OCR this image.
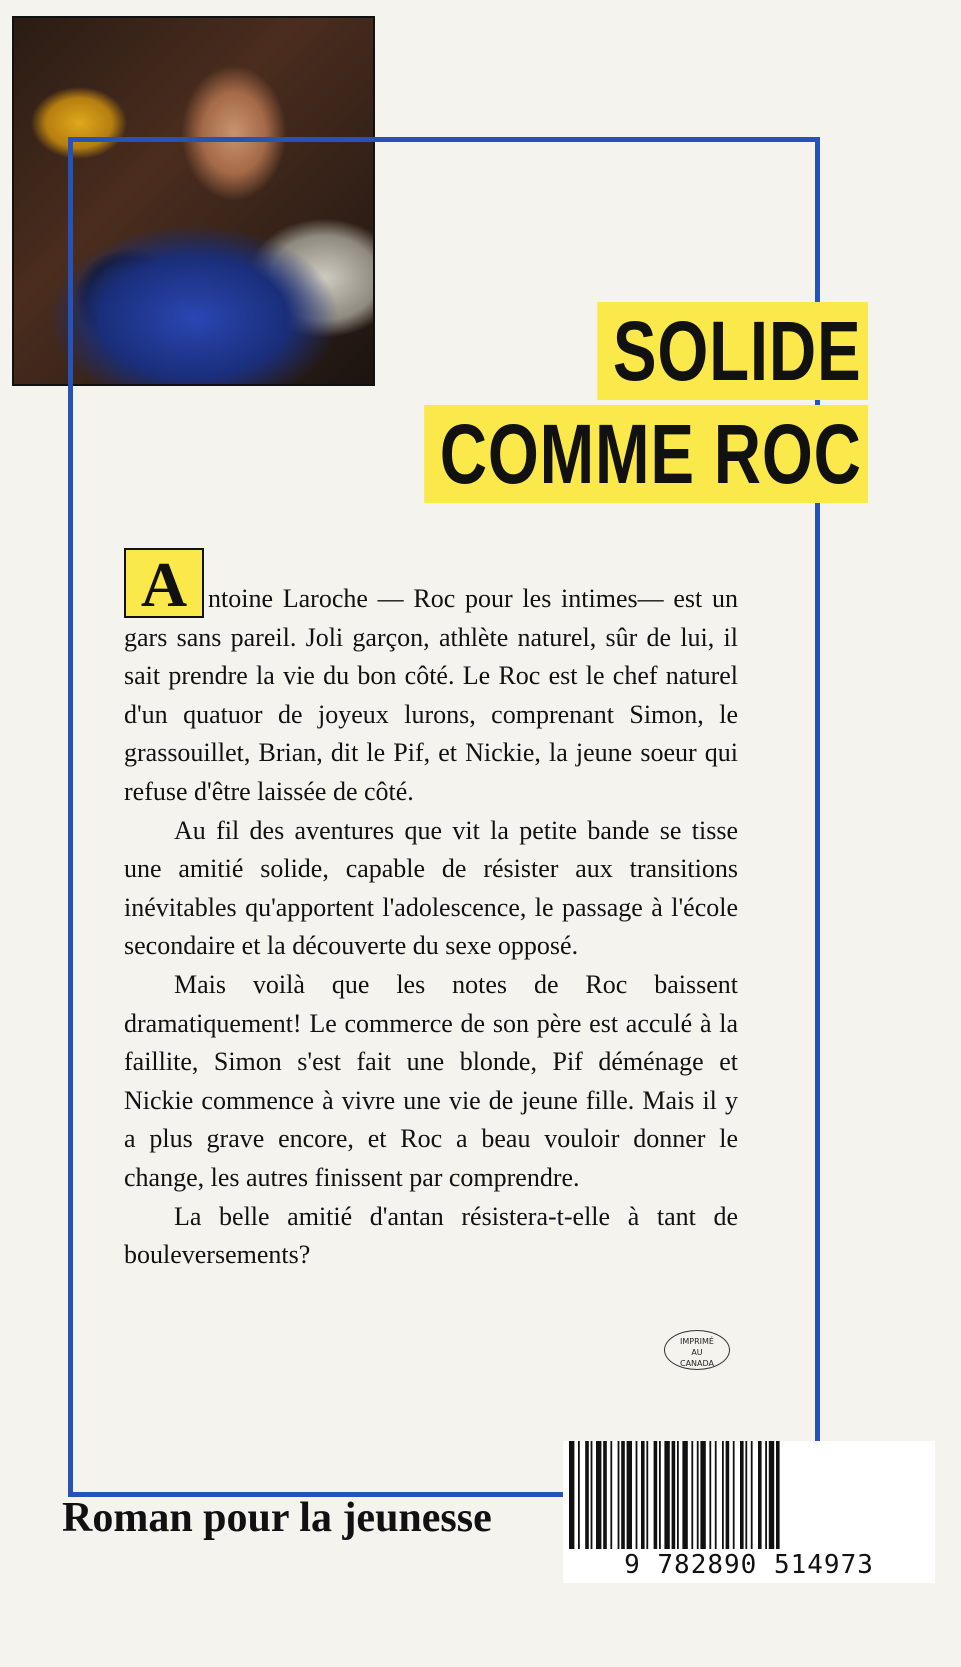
SOLIDE
COMME ROC
A ntoine Laroche — Roc pour les intimes— est un gars sans pareil. Joli garçon, athlète naturel, sûr de lui, il sait prendre la vie du bon côté. Le Roc est le chef naturel d'un quatuor de joyeux lurons, comprenant Simon, le grassouillet, Brian, dit le Pif, et Nickie, la jeune soeur qui refuse d'être laissée de côté.

Au fil des aventures que vit la petite bande se tisse une amitié solide, capable de résister aux transitions inévitables qu'apportent l'adolescence, le passage à l'école secondaire et la découverte du sexe opposé.

Mais voilà que les notes de Roc baissent dramatiquement! Le commerce de son père est acculé à la faillite, Simon s'est fait une blonde, Pif déménage et Nickie commence à vivre une vie de jeune fille. Mais il y a plus grave encore, et Roc a beau vouloir donner le change, les autres finissent par comprendre.

La belle amitié d'antan résistera-t-elle à tant de bouleversements?

IMPRIMÉ
AU
CANADA
Roman pour la jeunesse
9 782890 514973
